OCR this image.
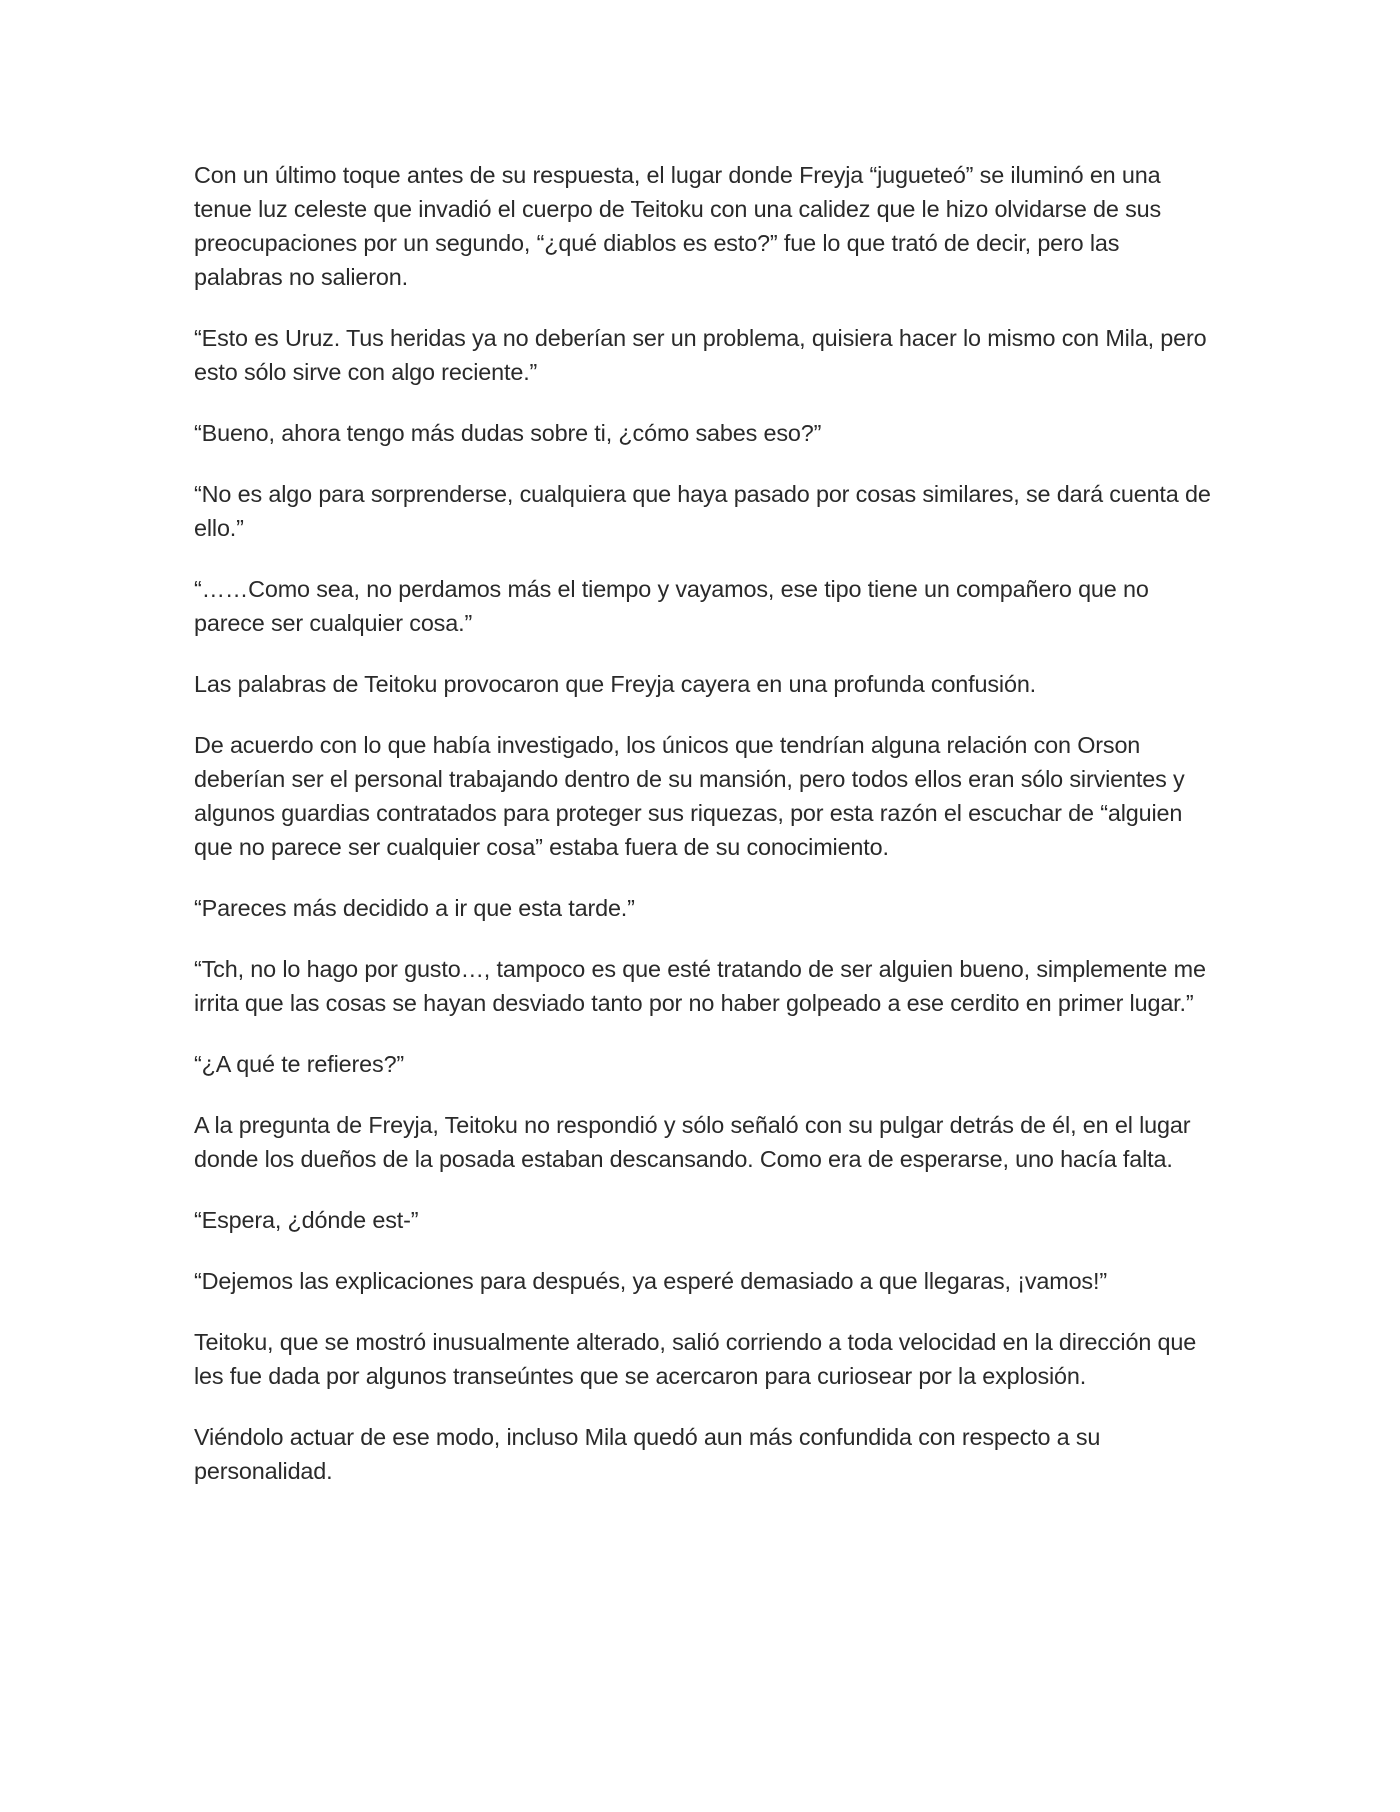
Con un último toque antes de su respuesta, el lugar donde Freyja “jugueteó” se iluminó en una tenue luz celeste que invadió el cuerpo de Teitoku con una calidez que le hizo olvidarse de sus preocupaciones por un segundo, “¿qué diablos es esto?” fue lo que trató de decir, pero las palabras no salieron.

“Esto es Uruz. Tus heridas ya no deberían ser un problema, quisiera hacer lo mismo con Mila, pero esto sólo sirve con algo reciente.”

“Bueno, ahora tengo más dudas sobre ti, ¿cómo sabes eso?”

“No es algo para sorprenderse, cualquiera que haya pasado por cosas similares, se dará cuenta de ello.”

“……Como sea, no perdamos más el tiempo y vayamos, ese tipo tiene un compañero que no parece ser cualquier cosa.”

Las palabras de Teitoku provocaron que Freyja cayera en una profunda confusión.

De acuerdo con lo que había investigado, los únicos que tendrían alguna relación con Orson deberían ser el personal trabajando dentro de su mansión, pero todos ellos eran sólo sirvientes y algunos guardias contratados para proteger sus riquezas, por esta razón el escuchar de “alguien que no parece ser cualquier cosa” estaba fuera de su conocimiento.

“Pareces más decidido a ir que esta tarde.”

“Tch, no lo hago por gusto…, tampoco es que esté tratando de ser alguien bueno, simplemente me irrita que las cosas se hayan desviado tanto por no haber golpeado a ese cerdito en primer lugar.”

“¿A qué te refieres?”

A la pregunta de Freyja, Teitoku no respondió y sólo señaló con su pulgar detrás de él, en el lugar donde los dueños de la posada estaban descansando. Como era de esperarse, uno hacía falta.

“Espera, ¿dónde est-”

“Dejemos las explicaciones para después, ya esperé demasiado a que llegaras, ¡vamos!”

Teitoku, que se mostró inusualmente alterado, salió corriendo a toda velocidad en la dirección que les fue dada por algunos transeúntes que se acercaron para curiosear por la explosión.

Viéndolo actuar de ese modo, incluso Mila quedó aun más confundida con respecto a su personalidad.
